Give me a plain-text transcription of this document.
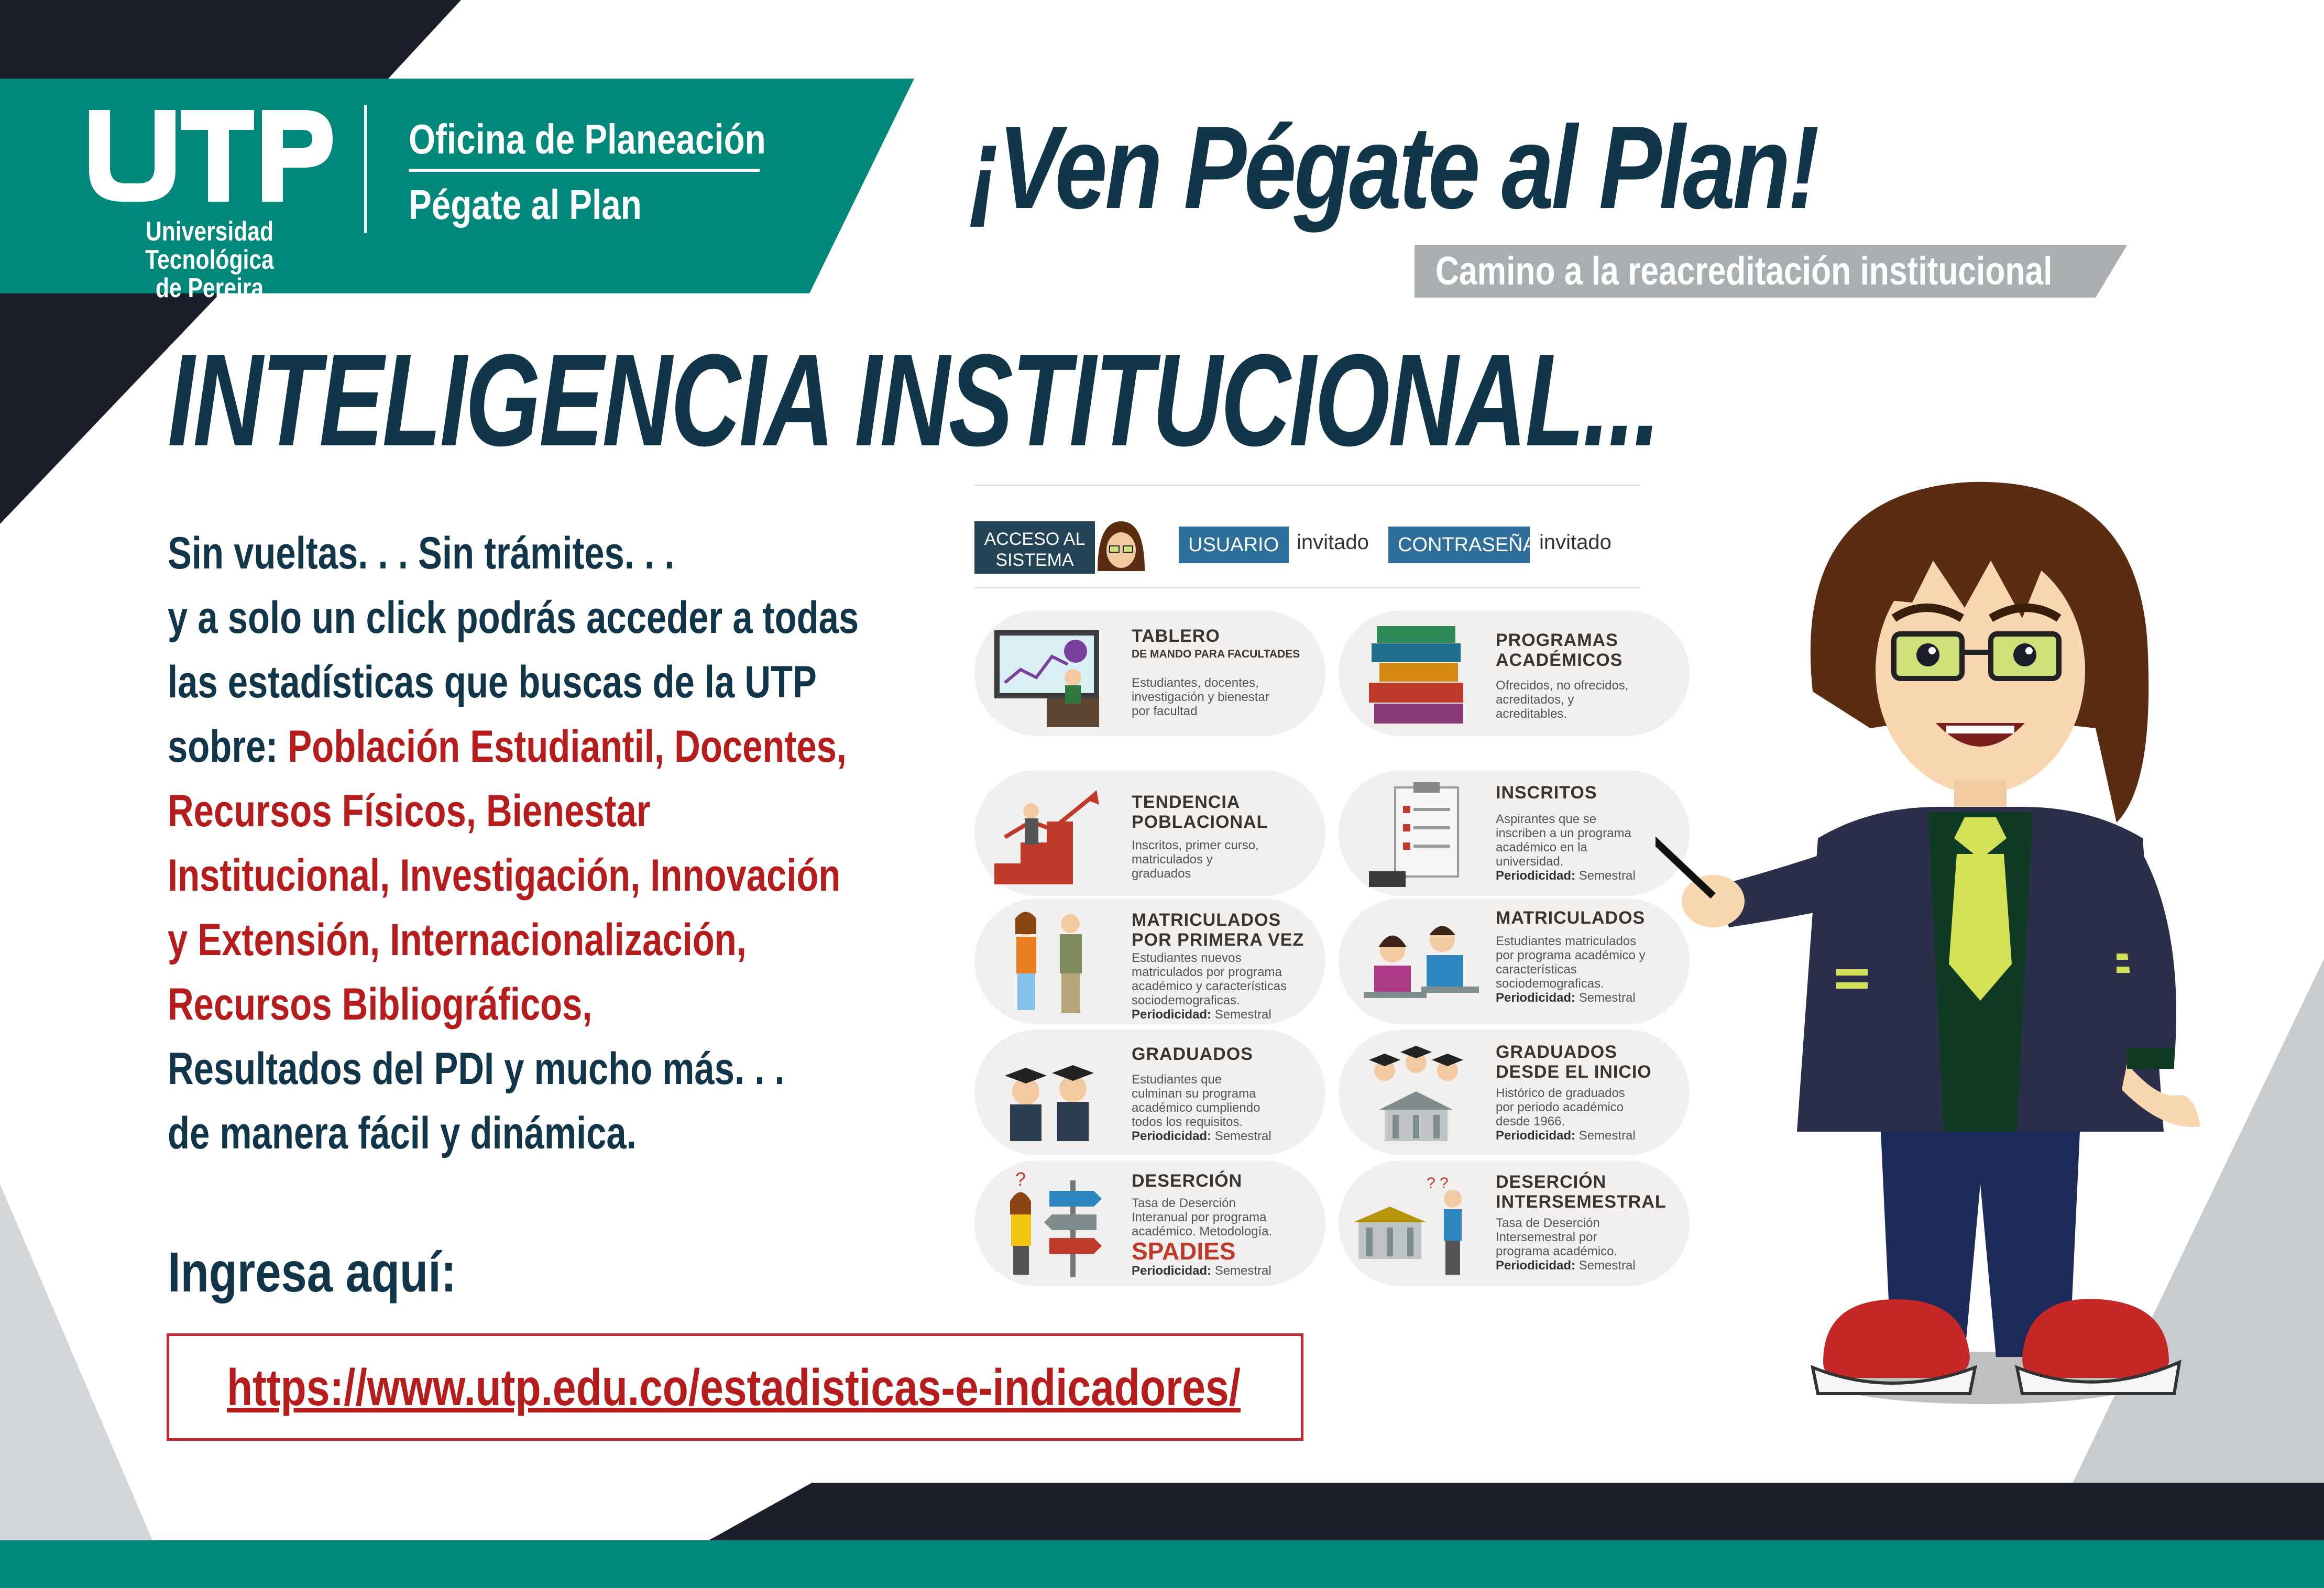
Universidad Tecnológica
de Pereira
Oficina de Planeación
Pégate al Plan	¡Ven Pégate al Plan!
Camino a la reacreditación institucional
INTELIGENCIA INSTITUCIONAL...
Sin vueltas. . . Sin trámites. . .
y a solo un click podrás acceder a todas
las estadísticas que buscas de la UTP
sobre: Población Estudiantil, Docentes,
Recursos Físicos, Bienestar
Institucional, Investigación, Innovación
y Extensión, Internacionalización,
Recursos Bibliográficos,
Resultados del PDI y mucho más. . .
de manera fácil y dinámica.
Ingresa aquí:
https://www.utp.edu.co/estadisticas-e-indicadores/
ACCESO AL
SISTEMA
USUARIO invitado	CONTRASEÑA invitado
TABLERO
DE MANDO PARA FACULTADES
Estudiantes, docentes,
investigación y bienestar
por facultad
PROGRAMAS
ACADÉMICOS
Ofrecidos, no ofrecidos,
acreditados, y
acreditables.
TENDENCIA
POBLACIONAL
Inscritos, primer curso,
matriculados y
graduados
INSCRITOS
Aspirantes que se
inscriben a un programa
académico en la
universidad.
Periodicidad: Semestral
MATRICULADOS
POR PRIMERA VEZ
Estudiantes nuevos
matriculados por programa
académico y características
sociodemograficas.
Periodicidad: Semestral
MATRICULADOS
Estudiantes matriculados
por programa académico y
características
sociodemograficas.
Periodicidad: Semestral
GRADUADOS
Estudiantes que
culminan su programa
académico cumpliendo
todos los requisitos.
Periodicidad: Semestral
GRADUADOS
DESDE EL INICIO
Histórico de graduados
por periodo académico
desde 1966.
Periodicidad: Semestral
?	DESERCIÓN
Tasa de Deserción
Interanual por programa
académico. Metodología.
SPADIES
Periodicidad: Semestral
? ?	DESERCIÓN
INTERSEMESTRAL
Tasa de Deserción
Intersemestral por
programa académico.
Periodicidad: Semestral
